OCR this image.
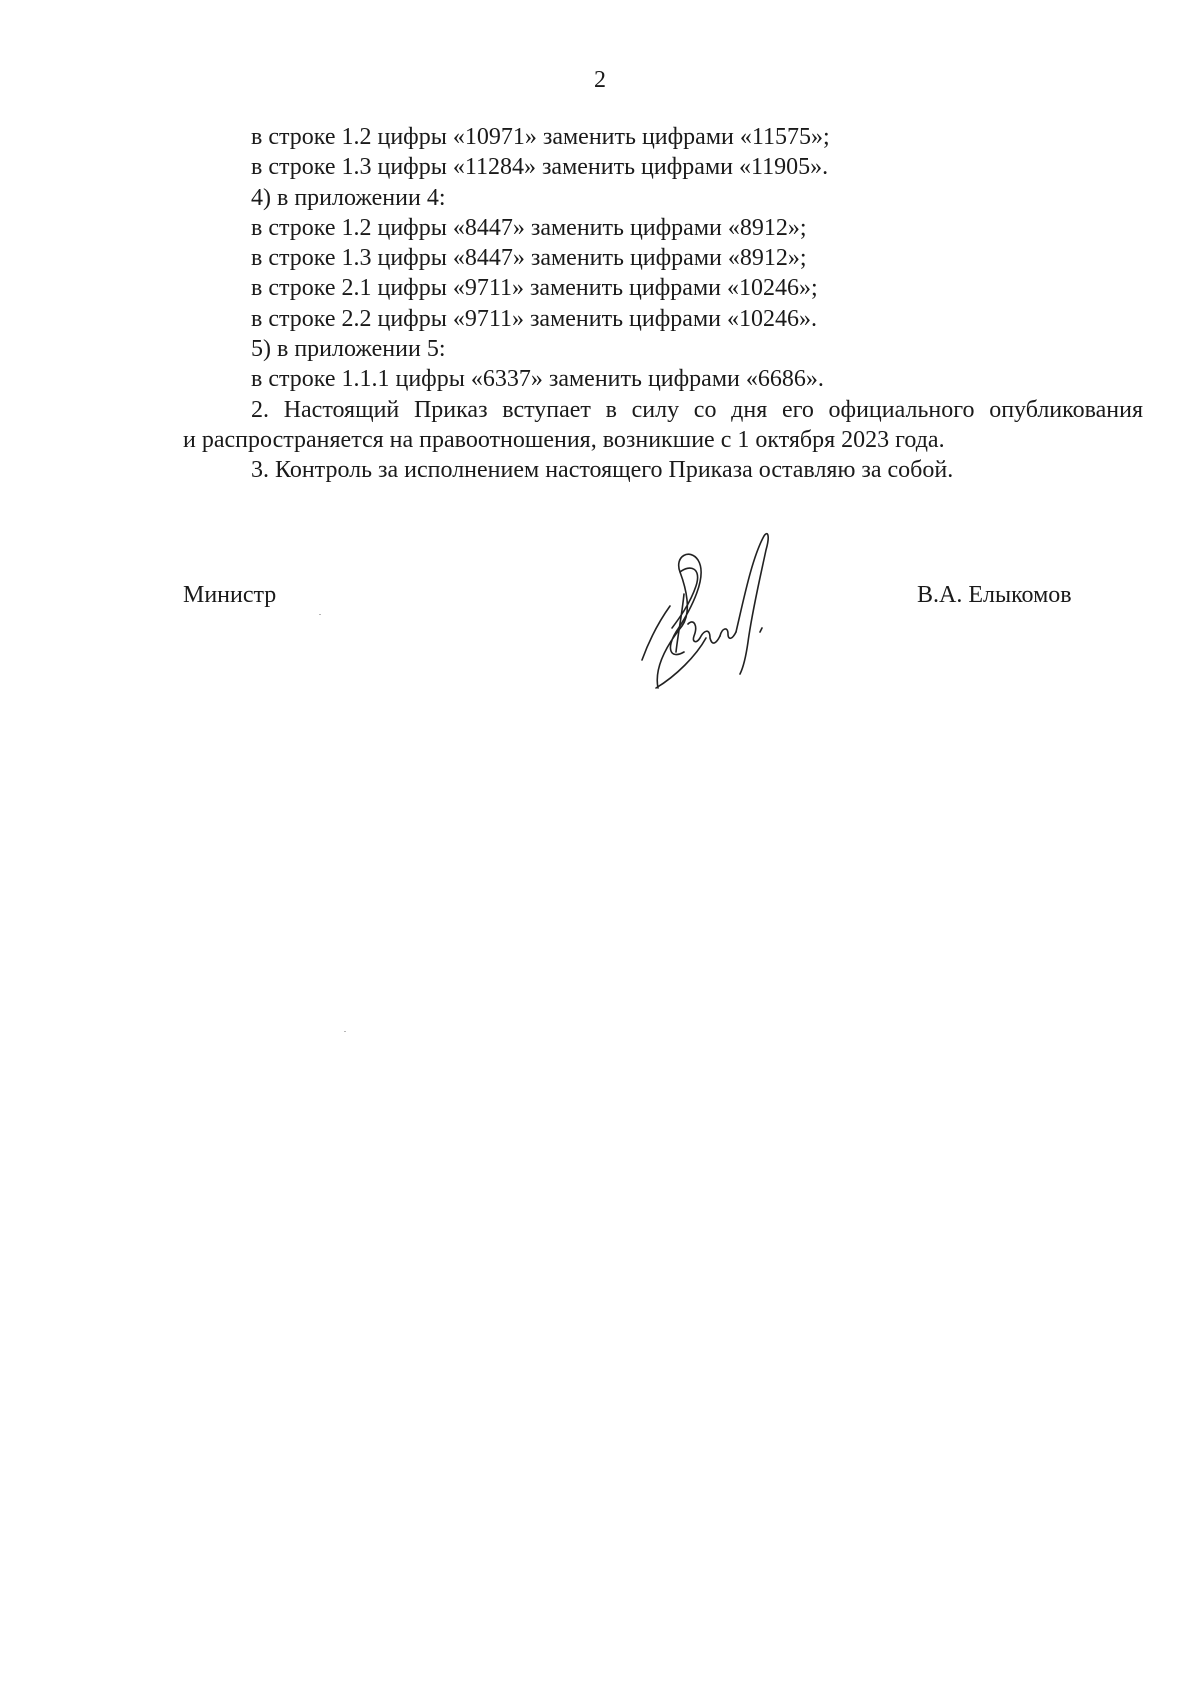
2

в строке 1.2 цифры «10971» заменить цифрами «11575»;

в строке 1.3 цифры «11284» заменить цифрами «11905».

4) в приложении 4:

в строке 1.2 цифры «8447» заменить цифрами «8912»;

в строке 1.3 цифры «8447» заменить цифрами «8912»;

в строке 2.1 цифры «9711» заменить цифрами «10246»;

в строке 2.2 цифры «9711» заменить цифрами «10246».

5) в приложении 5:

в строке 1.1.1 цифры «6337» заменить цифрами «6686».

2. Настоящий Приказ вступает в силу со дня его официального опубликования

и распространяется на правоотношения, возникшие с 1 октября 2023 года.

3. Контроль за исполнением настоящего Приказа оставляю за собой.

Министр	В.А. Елыкомов
